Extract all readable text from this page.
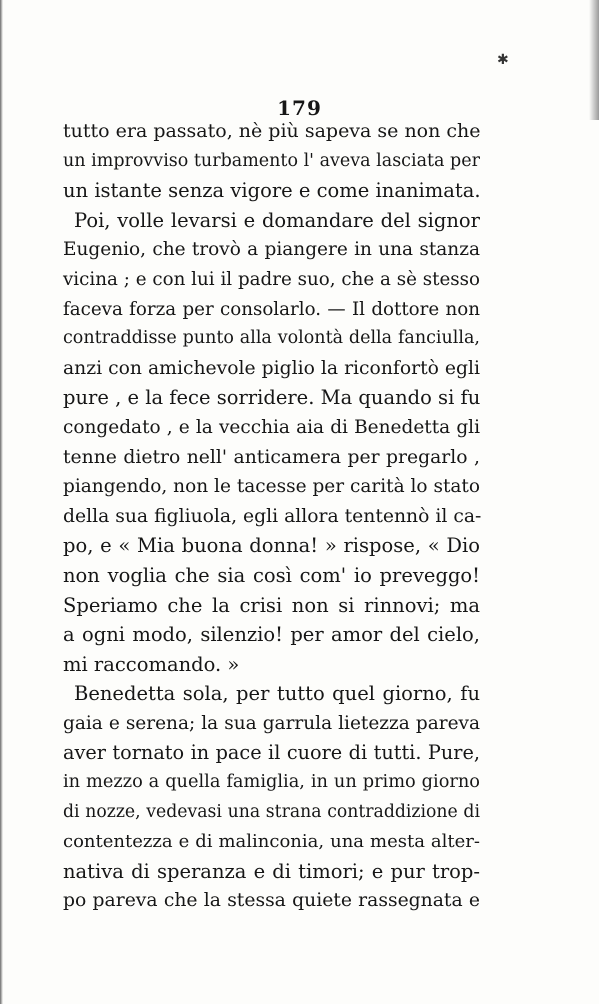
✱
179
tutto era passato, nè più sapeva se non che
un improvviso turbamento l' aveva lasciata per
un istante senza vigore e come inanimata.
Poi, volle levarsi e domandare del signor
Eugenio, che trovò a piangere in una stanza
vicina ; e con lui il padre suo, che a sè stesso
faceva forza per consolarlo. — Il dottore non
contraddisse punto alla volontà della fanciulla,
anzi con amichevole piglio la riconfortò egli
pure , e la fece sorridere. Ma quando si fu
congedato , e la vecchia aia di Benedetta gli
tenne dietro nell' anticamera per pregarlo ,
piangendo, non le tacesse per carità lo stato
della sua figliuola, egli allora tentennò il ca-
po, e « Mia buona donna! » rispose, « Dio
non voglia che sia così com' io preveggo!
Speriamo che la crisi non si rinnovi; ma
a ogni modo, silenzio! per amor del cielo,
mi raccomando. »
Benedetta sola, per tutto quel giorno, fu
gaia e serena; la sua garrula lietezza pareva
aver tornato in pace il cuore di tutti. Pure,
in mezzo a quella famiglia, in un primo giorno
di nozze, vedevasi una strana contraddizione di
contentezza e di malinconia, una mesta alter-
nativa di speranza e di timori; e pur trop-
po pareva che la stessa quiete rassegnata e
